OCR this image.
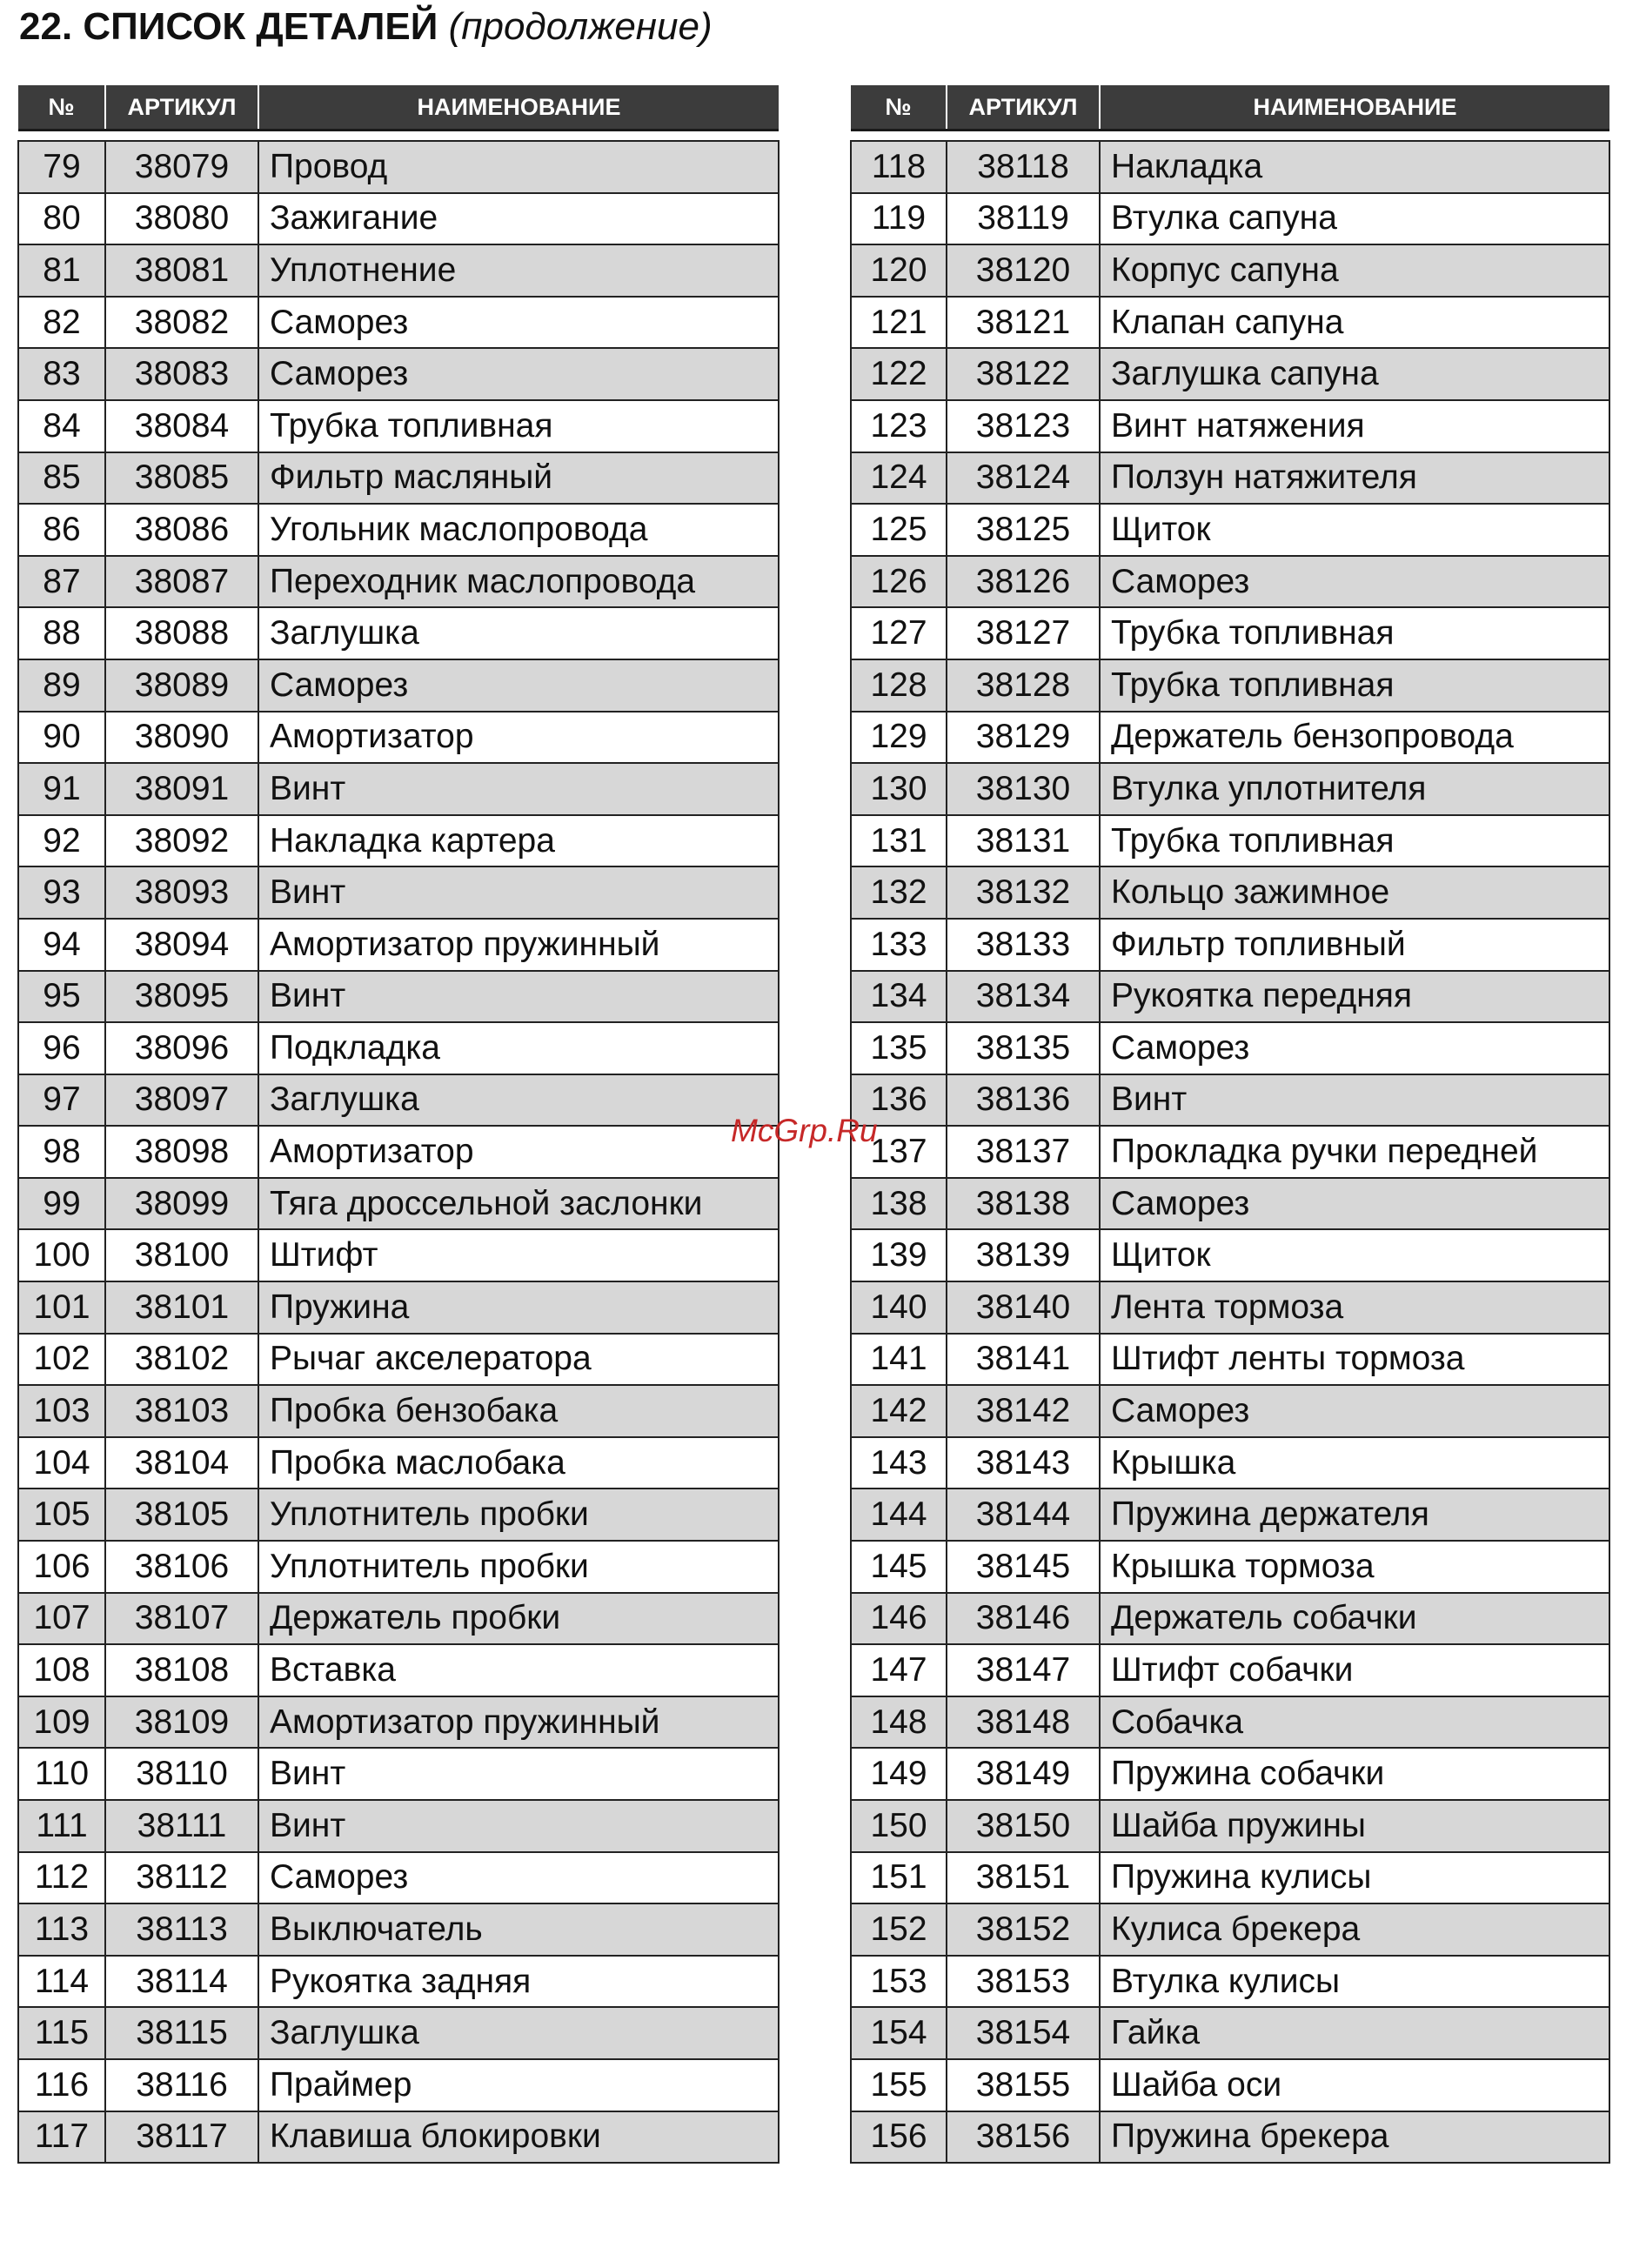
22. СПИСОК ДЕТАЛЕЙ (продолжение)
№	АРТИКУЛ	НАИМЕНОВАНИЕ

79	38079	Провод
80	38080	Зажигание
81	38081	Уплотнение
82	38082	Саморез
83	38083	Саморез
84	38084	Трубка топливная
85	38085	Фильтр масляный
86	38086	Угольник маслопровода
87	38087	Переходник маслопровода
88	38088	Заглушка
89	38089	Саморез
90	38090	Амортизатор
91	38091	Винт
92	38092	Накладка картера
93	38093	Винт
94	38094	Амортизатор пружинный
95	38095	Винт
96	38096	Подкладка
97	38097	Заглушка
98	38098	Амортизатор
99	38099	Тяга дроссельной заслонки
100	38100	Штифт
101	38101	Пружина
102	38102	Рычаг акселератора
103	38103	Пробка бензобака
104	38104	Пробка маслобака
105	38105	Уплотнитель пробки
106	38106	Уплотнитель пробки
107	38107	Держатель пробки
108	38108	Вставка
109	38109	Амортизатор пружинный
110	38110	Винт
111	38111	Винт
112	38112	Саморез
113	38113	Выключатель
114	38114	Рукоятка задняя
115	38115	Заглушка
116	38116	Праймер
117	38117	Клавиша блокировки
№	АРТИКУЛ	НАИМЕНОВАНИЕ

118	38118	Накладка
119	38119	Втулка сапуна
120	38120	Корпус сапуна
121	38121	Клапан сапуна
122	38122	Заглушка сапуна
123	38123	Винт натяжения
124	38124	Ползун натяжителя
125	38125	Щиток
126	38126	Саморез
127	38127	Трубка топливная
128	38128	Трубка топливная
129	38129	Держатель бензопровода
130	38130	Втулка уплотнителя
131	38131	Трубка топливная
132	38132	Кольцо зажимное
133	38133	Фильтр топливный
134	38134	Рукоятка передняя
135	38135	Саморез
136	38136	Винт
137	38137	Прокладка ручки передней
138	38138	Саморез
139	38139	Щиток
140	38140	Лента тормоза
141	38141	Штифт ленты тормоза
142	38142	Саморез
143	38143	Крышка
144	38144	Пружина держателя
145	38145	Крышка тормоза
146	38146	Держатель собачки
147	38147	Штифт собачки
148	38148	Собачка
149	38149	Пружина собачки
150	38150	Шайба пружины
151	38151	Пружина кулисы
152	38152	Кулиса брекера
153	38153	Втулка кулисы
154	38154	Гайка
155	38155	Шайба оси
156	38156	Пружина брекера
McGrp.Ru
